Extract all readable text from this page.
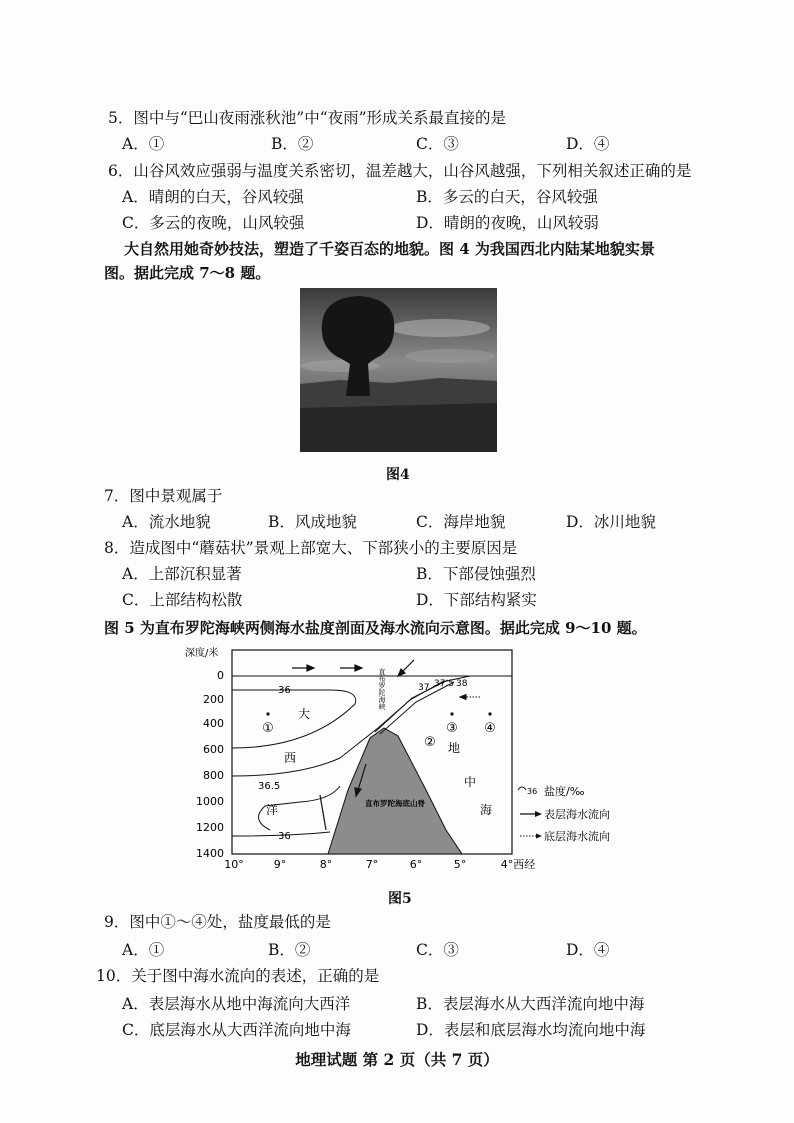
5．图中与“巴山夜雨涨秋池”中“夜雨”形成关系最直接的是
A．①	B．②	C．③	D．④
6．山谷风效应强弱与温度关系密切，温差越大，山谷风越强，下列相关叙述正确的是
A．晴朗的白天，谷风较强	B．多云的白天，谷风较强
C．多云的夜晚，山风较强	D．晴朗的夜晚，山风较弱
大自然用她奇妙技法，塑造了千姿百态的地貌。图 4 为我国西北内陆某地貌实景
图。据此完成 7～8 题。
图4
7．图中景观属于
A．流水地貌	B．风成地貌	C．海岸地貌	D．冰川地貌
8．造成图中“蘑菇状”景观上部宽大、下部狭小的主要原因是
A．上部沉积显著	B．下部侵蚀强烈
C．上部结构松散	D．下部结构紧实
图 5 为直布罗陀海峡两侧海水盐度剖面及海水流向示意图。据此完成 9～10 题。
深度/米
0
200
400
600
800
1000
1200
1400
10°	9°	8°	7°	6°	5°	4°西经
直布罗陀海底山脊
36
36.5
36
37 37.5 38
直布罗陀海峡
大
西
洋
地
中
海
①
②
③ ④
36 盐度/‰
表层海水流向
底层海水流向
图5
9．图中①～④处，盐度最低的是
A．①	B．②	C．③	D．④
10．关于图中海水流向的表述，正确的是
A．表层海水从地中海流向大西洋	B．表层海水从大西洋流向地中海
C．底层海水从大西洋流向地中海	D．表层和底层海水均流向地中海
地理试题 第 2 页（共 7 页）
